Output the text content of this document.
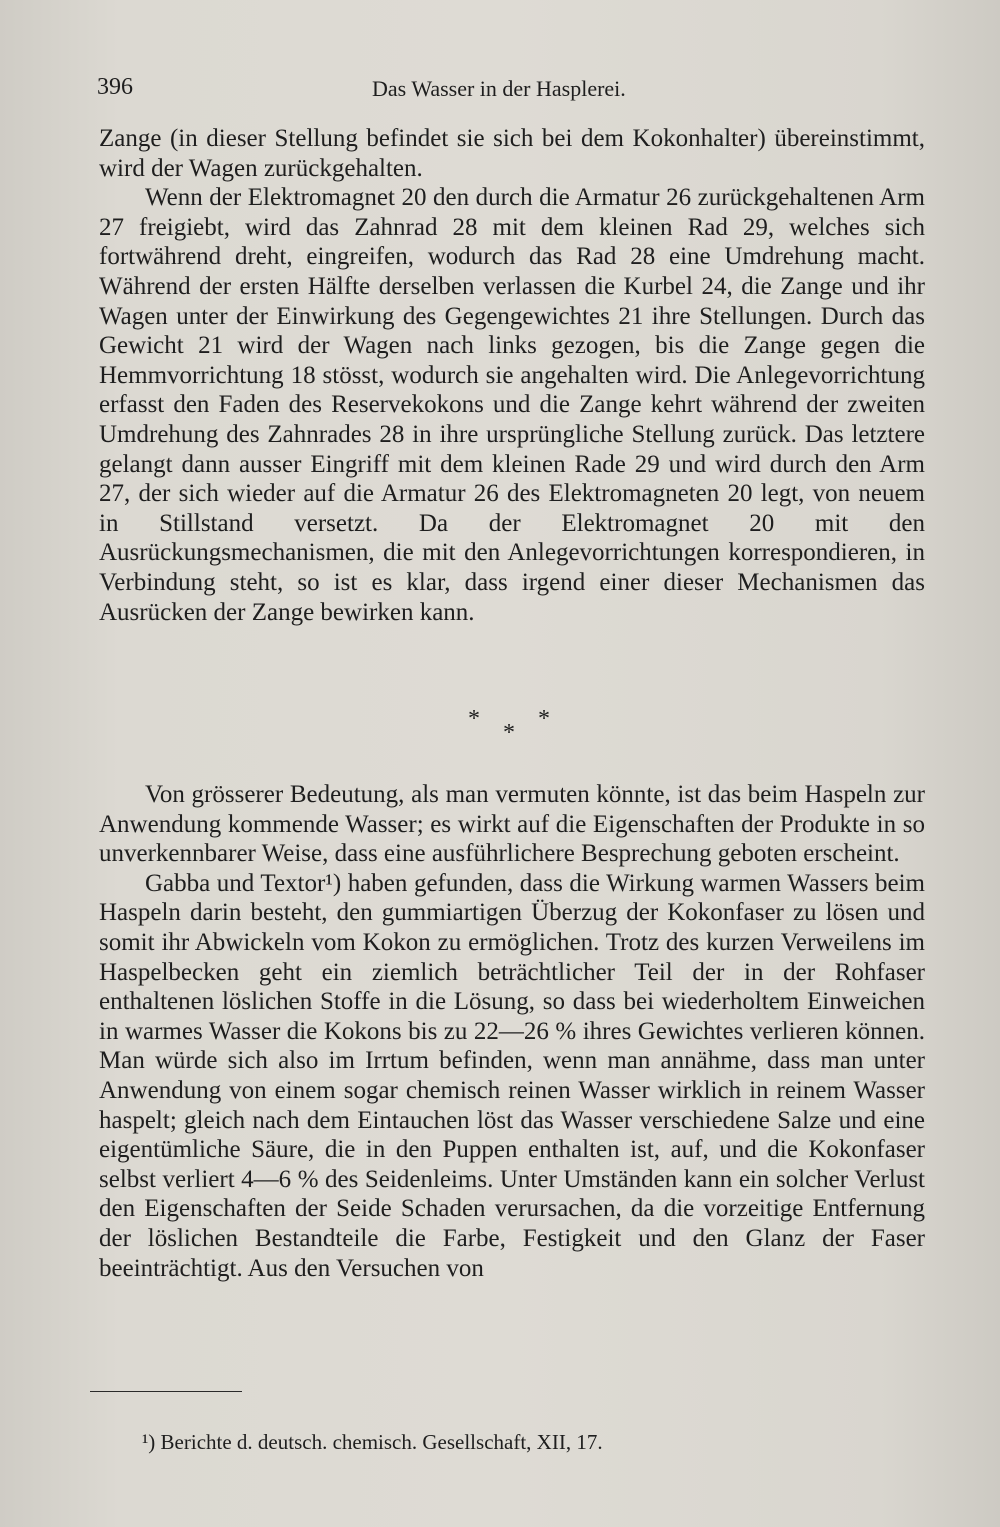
396	Das Wasser in der Hasplerei.

Zange (in dieser Stellung befindet sie sich bei dem Kokonhalter) übereinstimmt, wird der Wagen zurückgehalten.

Wenn der Elektromagnet 20 den durch die Armatur 26 zurückgehaltenen Arm 27 freigiebt, wird das Zahnrad 28 mit dem kleinen Rad 29, welches sich fortwährend dreht, eingreifen, wodurch das Rad 28 eine Umdrehung macht. Während der ersten Hälfte derselben verlassen die Kurbel 24, die Zange und ihr Wagen unter der Einwirkung des Gegengewichtes 21 ihre Stellungen. Durch das Gewicht 21 wird der Wagen nach links gezogen, bis die Zange gegen die Hemmvorrichtung 18 stösst, wodurch sie angehalten wird. Die Anlegevorrichtung erfasst den Faden des Reservekokons und die Zange kehrt während der zweiten Umdrehung des Zahnrades 28 in ihre ursprüngliche Stellung zurück. Das letztere gelangt dann ausser Eingriff mit dem kleinen Rade 29 und wird durch den Arm 27, der sich wieder auf die Armatur 26 des Elektromagneten 20 legt, von neuem in Stillstand versetzt. Da der Elektromagnet 20 mit den Ausrückungsmechanismen, die mit den Anlegevorrichtungen korrespondieren, in Verbindung steht, so ist es klar, dass irgend einer dieser Mechanismen das Ausrücken der Zange bewirken kann.

* *
*

Von grösserer Bedeutung, als man vermuten könnte, ist das beim Haspeln zur Anwendung kommende Wasser; es wirkt auf die Eigenschaften der Produkte in so unverkennbarer Weise, dass eine ausführlichere Besprechung geboten erscheint.

Gabba und Textor¹) haben gefunden, dass die Wirkung warmen Wassers beim Haspeln darin besteht, den gummiartigen Überzug der Kokonfaser zu lösen und somit ihr Abwickeln vom Kokon zu ermöglichen. Trotz des kurzen Verweilens im Haspelbecken geht ein ziemlich beträchtlicher Teil der in der Rohfaser enthaltenen löslichen Stoffe in die Lösung, so dass bei wiederholtem Einweichen in warmes Wasser die Kokons bis zu 22—26 % ihres Gewichtes verlieren können. Man würde sich also im Irrtum befinden, wenn man annähme, dass man unter Anwendung von einem sogar chemisch reinen Wasser wirklich in reinem Wasser haspelt; gleich nach dem Eintauchen löst das Wasser verschiedene Salze und eine eigentümliche Säure, die in den Puppen enthalten ist, auf, und die Kokonfaser selbst verliert 4—6 % des Seidenleims. Unter Umständen kann ein solcher Verlust den Eigenschaften der Seide Schaden verursachen, da die vorzeitige Entfernung der löslichen Bestandteile die Farbe, Festigkeit und den Glanz der Faser beeinträchtigt. Aus den Versuchen von

¹) Berichte d. deutsch. chemisch. Gesellschaft, XII, 17.
